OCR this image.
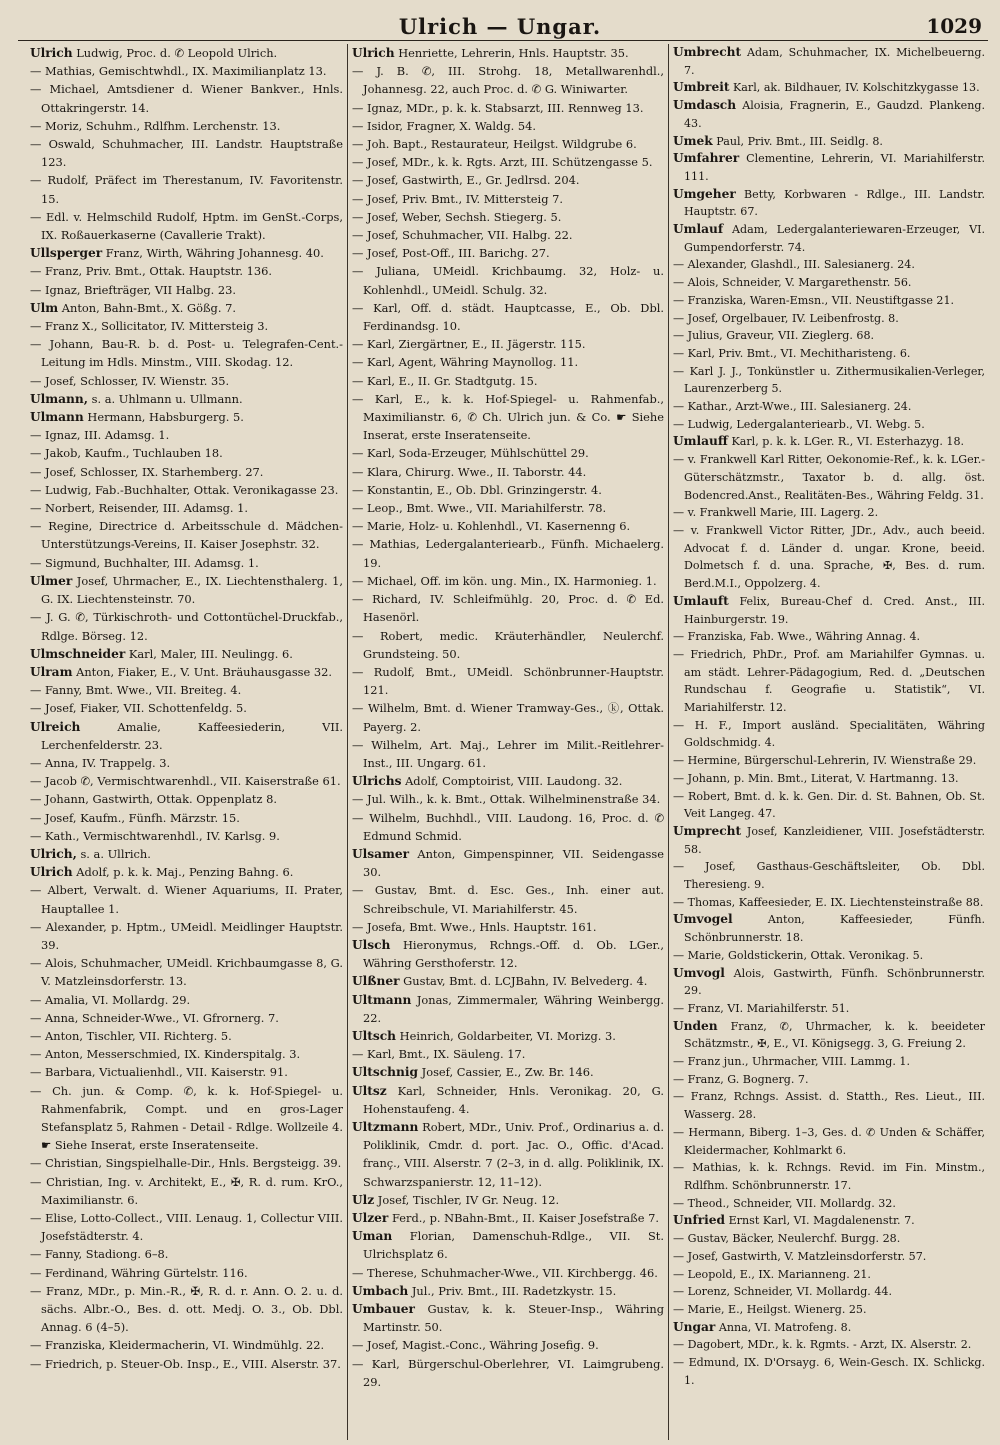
Ulrich — Ungar.	1029
Ulrich Ludwig, Proc. d. ✆ Leopold Ulrich.
— Mathias, Gemischtwhdl., IX. Maximilianplatz 13.
— Michael, Amtsdiener d. Wiener Bankver., Hnls. Ottakringerstr. 14.
— Moriz, Schuhm., Rdlfhm. Lerchenstr. 13.
— Oswald, Schuhmacher, III. Landstr. Hauptstraße 123.
— Rudolf, Präfect im Therestanum, IV. Favoritenstr. 15.
— Edl. v. Helmschild Rudolf, Hptm. im GenSt.-Corps, IX. Roßauerkaserne (Cavallerie Trakt).
Ullsperger Franz, Wirth, Währing Johannesg. 40.
— Franz, Priv. Bmt., Ottak. Hauptstr. 136.
— Ignaz, Briefträger, VII Halbg. 23.
Ulm Anton, Bahn-Bmt., X. Gößg. 7.
— Franz X., Sollicitator, IV. Mittersteig 3.
— Johann, Bau-R. b. d. Post- u. Telegrafen-Cent.-Leitung im Hdls. Minstm., VIII. Skodag. 12.
— Josef, Schlosser, IV. Wienstr. 35.
Ulmann, s. a. Uhlmann u. Ullmann.
Ulmann Hermann, Habsburgerg. 5.
— Ignaz, III. Adamsg. 1.
— Jakob, Kaufm., Tuchlauben 18.
— Josef, Schlosser, IX. Starhemberg. 27.
— Ludwig, Fab.-Buchhalter, Ottak. Veronikagasse 23.
— Norbert, Reisender, III. Adamsg. 1.
— Regine, Directrice d. Arbeitsschule d. Mädchen-Unterstützungs-Vereins, II. Kaiser Josephstr. 32.
— Sigmund, Buchhalter, III. Adamsg. 1.
Ulmer Josef, Uhrmacher, E., IX. Liechtensthalerg. 1, G. IX. Liechtensteinstr. 70.
— J. G. ✆, Türkischroth- und Cottontüchel-Druckfab., Rdlge. Börseg. 12.
Ulmschneider Karl, Maler, III. Neulingg. 6.
Ulram Anton, Fiaker, E., V. Unt. Bräuhausgasse 32.
— Fanny, Bmt. Wwe., VII. Breiteg. 4.
— Josef, Fiaker, VII. Schottenfeldg. 5.
Ulreich Amalie, Kaffeesiederin, VII. Lerchenfelderstr. 23.
— Anna, IV. Trappelg. 3.
— Jacob ✆, Vermischtwarenhdl., VII. Kaiserstraße 61.
— Johann, Gastwirth, Ottak. Oppenplatz 8.
— Josef, Kaufm., Fünfh. Märzstr. 15.
— Kath., Vermischtwarenhdl., IV. Karlsg. 9.
Ulrich, s. a. Ullrich.
Ulrich Adolf, p. k. k. Maj., Penzing Bahng. 6.
— Albert, Verwalt. d. Wiener Aquariums, II. Prater, Hauptallee 1.
— Alexander, p. Hptm., UMeidl. Meidlinger Hauptstr. 39.
— Alois, Schuhmacher, UMeidl. Krichbaumgasse 8, G. V. Matzleinsdorferstr. 13.
— Amalia, VI. Mollardg. 29.
— Anna, Schneider-Wwe., VI. Gfrornerg. 7.
— Anton, Tischler, VII. Richterg. 5.
— Anton, Messerschmied, IX. Kinderspitalg. 3.
— Barbara, Victualienhdl., VII. Kaiserstr. 91.
— Ch. jun. & Comp. ✆, k. k. Hof-Spiegel- u. Rahmenfabrik, Compt. und en gros-Lager Stefansplatz 5, Rahmen - Detail - Rdlge. Wollzeile 4. ☛ Siehe Inserat, erste Inseratenseite.
— Christian, Singspielhalle-Dir., Hnls. Bergsteigg. 39.
— Christian, Ing. v. Architekt, E., ✠, R. d. rum. KrO., Maximilianstr. 6.
— Elise, Lotto-Collect., VIII. Lenaug. 1, Collectur VIII. Josefstädterstr. 4.
— Fanny, Stadiong. 6–8.
— Ferdinand, Währing Gürtelstr. 116.
— Franz, MDr., p. Min.-R., ✠, R. d. r. Ann. O. 2. u. d. sächs. Albr.-O., Bes. d. ott. Medj. O. 3., Ob. Dbl. Annag. 6 (4–5).
— Franziska, Kleidermacherin, VI. Windmühlg. 22.
— Friedrich, p. Steuer-Ob. Insp., E., VIII. Alserstr. 37.
Ulrich Henriette, Lehrerin, Hnls. Hauptstr. 35.
— J. B. ✆, III. Strohg. 18, Metallwarenhdl., Johannesg. 22, auch Proc. d. ✆ G. Winiwarter.
— Ignaz, MDr., p. k. k. Stabsarzt, III. Rennweg 13.
— Isidor, Fragner, X. Waldg. 54.
— Joh. Bapt., Restaurateur, Heilgst. Wildgrube 6.
— Josef, MDr., k. k. Rgts. Arzt, III. Schützengasse 5.
— Josef, Gastwirth, E., Gr. Jedlrsd. 204.
— Josef, Priv. Bmt., IV. Mittersteig 7.
— Josef, Weber, Sechsh. Stiegerg. 5.
— Josef, Schuhmacher, VII. Halbg. 22.
— Josef, Post-Off., III. Barichg. 27.
— Juliana, UMeidl. Krichbaumg. 32, Holz- u. Kohlenhdl., UMeidl. Schulg. 32.
— Karl, Off. d. städt. Hauptcasse, E., Ob. Dbl. Ferdinandsg. 10.
— Karl, Ziergärtner, E., II. Jägerstr. 115.
— Karl, Agent, Währing Maynollog. 11.
— Karl, E., II. Gr. Stadtgutg. 15.
— Karl, E., k. k. Hof-Spiegel- u. Rahmenfab., Maximilianstr. 6, ✆ Ch. Ulrich jun. & Co. ☛ Siehe Inserat, erste Inseratenseite.
— Karl, Soda-Erzeuger, Mühlschüttel 29.
— Klara, Chirurg. Wwe., II. Taborstr. 44.
— Konstantin, E., Ob. Dbl. Grinzingerstr. 4.
— Leop., Bmt. Wwe., VII. Mariahilferstr. 78.
— Marie, Holz- u. Kohlenhdl., VI. Kasernenng 6.
— Mathias, Ledergalanteriearb., Fünfh. Michaelerg. 19.
— Michael, Off. im kön. ung. Min., IX. Harmonieg. 1.
— Richard, IV. Schleifmühlg. 20, Proc. d. ✆ Ed. Hasenörl.
— Robert, medic. Kräuterhändler, Neulerchf. Grundsteing. 50.
— Rudolf, Bmt., UMeidl. Schönbrunner-Hauptstr. 121.
— Wilhelm, Bmt. d. Wiener Tramway-Ges., ⓚ, Ottak. Payerg. 2.
— Wilhelm, Art. Maj., Lehrer im Milit.-Reitlehrer-Inst., III. Ungarg. 61.
Ulrichs Adolf, Comptoirist, VIII. Laudong. 32.
— Jul. Wilh., k. k. Bmt., Ottak. Wilhelminenstraße 34.
— Wilhelm, Buchhdl., VIII. Laudong. 16, Proc. d. ✆ Edmund Schmid.
Ulsamer Anton, Gimpenspinner, VII. Seidengasse 30.
— Gustav, Bmt. d. Esc. Ges., Inh. einer aut. Schreibschule, VI. Mariahilferstr. 45.
— Josefa, Bmt. Wwe., Hnls. Hauptstr. 161.
Ulsch Hieronymus, Rchngs.-Off. d. Ob. LGer., Währing Gersthoferstr. 12.
Ulßner Gustav, Bmt. d. LCJBahn, IV. Belvederg. 4.
Ultmann Jonas, Zimmermaler, Währing Weinbergg. 22.
Ultsch Heinrich, Goldarbeiter, VI. Morizg. 3.
— Karl, Bmt., IX. Säuleng. 17.
Ultschnig Josef, Cassier, E., Zw. Br. 146.
Ultsz Karl, Schneider, Hnls. Veronikag. 20, G. Hohenstaufeng. 4.
Ultzmann Robert, MDr., Univ. Prof., Ordinarius a. d. Poliklinik, Cmdr. d. port. Jac. O., Offic. d'Acad. franç., VIII. Alserstr. 7 (2–3, in d. allg. Poliklinik, IX. Schwarzspanierstr. 12, 11–12).
Ulz Josef, Tischler, IV Gr. Neug. 12.
Ulzer Ferd., p. NBahn-Bmt., II. Kaiser Josefstraße 7.
Uman Florian, Damenschuh-Rdlge., VII. St. Ulrichsplatz 6.
— Therese, Schuhmacher-Wwe., VII. Kirchbergg. 46.
Umbach Jul., Priv. Bmt., III. Radetzkystr. 15.
Umbauer Gustav, k. k. Steuer-Insp., Währing Martinstr. 50.
— Josef, Magist.-Conc., Währing Josefig. 9.
— Karl, Bürgerschul-Oberlehrer, VI. Laimgrubeng. 29.
Umbrecht Adam, Schuhmacher, IX. Michelbeuerng. 7.
Umbreit Karl, ak. Bildhauer, IV. Kolschitzkygasse 13.
Umdasch Aloisia, Fragnerin, E., Gaudzd. Plankeng. 43.
Umek Paul, Priv. Bmt., III. Seidlg. 8.
Umfahrer Clementine, Lehrerin, VI. Mariahilferstr. 111.
Umgeher Betty, Korbwaren - Rdlge., III. Landstr. Hauptstr. 67.
Umlauf Adam, Ledergalanteriewaren-Erzeuger, VI. Gumpendorferstr. 74.
— Alexander, Glashdl., III. Salesianerg. 24.
— Alois, Schneider, V. Margarethenstr. 56.
— Franziska, Waren-Emsn., VII. Neustiftgasse 21.
— Josef, Orgelbauer, IV. Leibenfrostg. 8.
— Julius, Graveur, VII. Zieglerg. 68.
— Karl, Priv. Bmt., VI. Mechitharisteng. 6.
— Karl J. J., Tonkünstler u. Zithermusikalien-Verleger, Laurenzerberg 5.
— Kathar., Arzt-Wwe., III. Salesianerg. 24.
— Ludwig, Ledergalanteriearb., VI. Webg. 5.
Umlauff Karl, p. k. k. LGer. R., VI. Esterhazyg. 18.
— v. Frankwell Karl Ritter, Oekonomie-Ref., k. k. LGer.-Güterschätzmstr., Taxator b. d. allg. öst. Bodencred.Anst., Realitäten-Bes., Währing Feldg. 31.
— v. Frankwell Marie, III. Lagerg. 2.
— v. Frankwell Victor Ritter, JDr., Adv., auch beeid. Advocat f. d. Länder d. ungar. Krone, beeid. Dolmetsch f. d. una. Sprache, ✠, Bes. d. rum. Berd.M.I., Oppolzerg. 4.
Umlauft Felix, Bureau-Chef d. Cred. Anst., III. Hainburgerstr. 19.
— Franziska, Fab. Wwe., Währing Annag. 4.
— Friedrich, PhDr., Prof. am Mariahilfer Gymnas. u. am städt. Lehrer-Pädagogium, Red. d. „Deutschen Rundschau f. Geografie u. Statistik“, VI. Mariahilferstr. 12.
— H. F., Import ausländ. Specialitäten, Währing Goldschmidg. 4.
— Hermine, Bürgerschul-Lehrerin, IV. Wienstraße 29.
— Johann, p. Min. Bmt., Literat, V. Hartmanng. 13.
— Robert, Bmt. d. k. k. Gen. Dir. d. St. Bahnen, Ob. St. Veit Langeg. 47.
Umprecht Josef, Kanzleidiener, VIII. Josefstädterstr. 58.
— Josef, Gasthaus-Geschäftsleiter, Ob. Dbl. Theresieng. 9.
— Thomas, Kaffeesieder, E. IX. Liechtensteinstraße 88.
Umvogel Anton, Kaffeesieder, Fünfh. Schönbrunnerstr. 18.
— Marie, Goldstickerin, Ottak. Veronikag. 5.
Umvogl Alois, Gastwirth, Fünfh. Schönbrunnerstr. 29.
— Franz, VI. Mariahilferstr. 51.
Unden Franz, ✆, Uhrmacher, k. k. beeideter Schätzmstr., ✠, E., VI. Königsegg. 3, G. Freiung 2.
— Franz jun., Uhrmacher, VIII. Lammg. 1.
— Franz, G. Bognerg. 7.
— Franz, Rchngs. Assist. d. Statth., Res. Lieut., III. Wasserg. 28.
— Hermann, Biberg. 1–3, Ges. d. ✆ Unden & Schäffer, Kleidermacher, Kohlmarkt 6.
— Mathias, k. k. Rchngs. Revid. im Fin. Minstm., Rdlfhm. Schönbrunnerstr. 17.
— Theod., Schneider, VII. Mollardg. 32.
Unfried Ernst Karl, VI. Magdalenenstr. 7.
— Gustav, Bäcker, Neulerchf. Burgg. 28.
— Josef, Gastwirth, V. Matzleinsdorferstr. 57.
— Leopold, E., IX. Marianneng. 21.
— Lorenz, Schneider, VI. Mollardg. 44.
— Marie, E., Heilgst. Wienerg. 25.
Ungar Anna, VI. Matrofeng. 8.
— Dagobert, MDr., k. k. Rgmts. - Arzt, IX. Alserstr. 2.
— Edmund, IX. D'Orsayg. 6, Wein-Gesch. IX. Schlickg. 1.
